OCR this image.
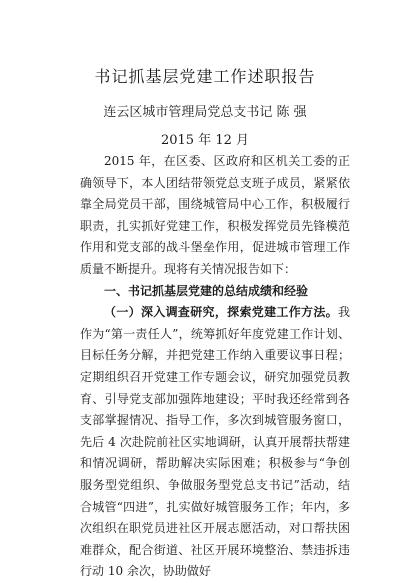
书记抓基层党建工作述职报告
连云区城市管理局党总支书记 陈 强
2015 年 12 月

2015 年，在区委、区政府和区机关工委的正确领导下，本人团结带领党总支班子成员，紧紧依靠全局党员干部，围绕城管局中心工作，积极履行职责，扎实抓好党建工作，积极发挥党员先锋模范作用和党支部的战斗堡垒作用，促进城市管理工作质量不断提升。现将有关情况报告如下：

一、书记抓基层党建的总结成绩和经验

（一）深入调查研究，探索党建工作方法。我作为“第一责任人”，统筹抓好年度党建工作计划、目标任务分解，并把党建工作纳入重要议事日程；定期组织召开党建工作专题会议，研究加强党员教育、引导党支部加强阵地建设；平时我还经常到各支部掌握情况、指导工作，多次到城管服务窗口，先后 4 次赴院前社区实地调研，认真开展帮扶帮建和情况调研，帮助解决实际困难；积极参与“争创服务型党组织、争做服务型党总支书记”活动，结合城管“四进”，扎实做好城管服务工作；年内，多次组织在职党员进社区开展志愿活动，对口帮扶困难群众，配合街道、社区开展环境整治、禁违拆违行动 10 余次，协助做好
